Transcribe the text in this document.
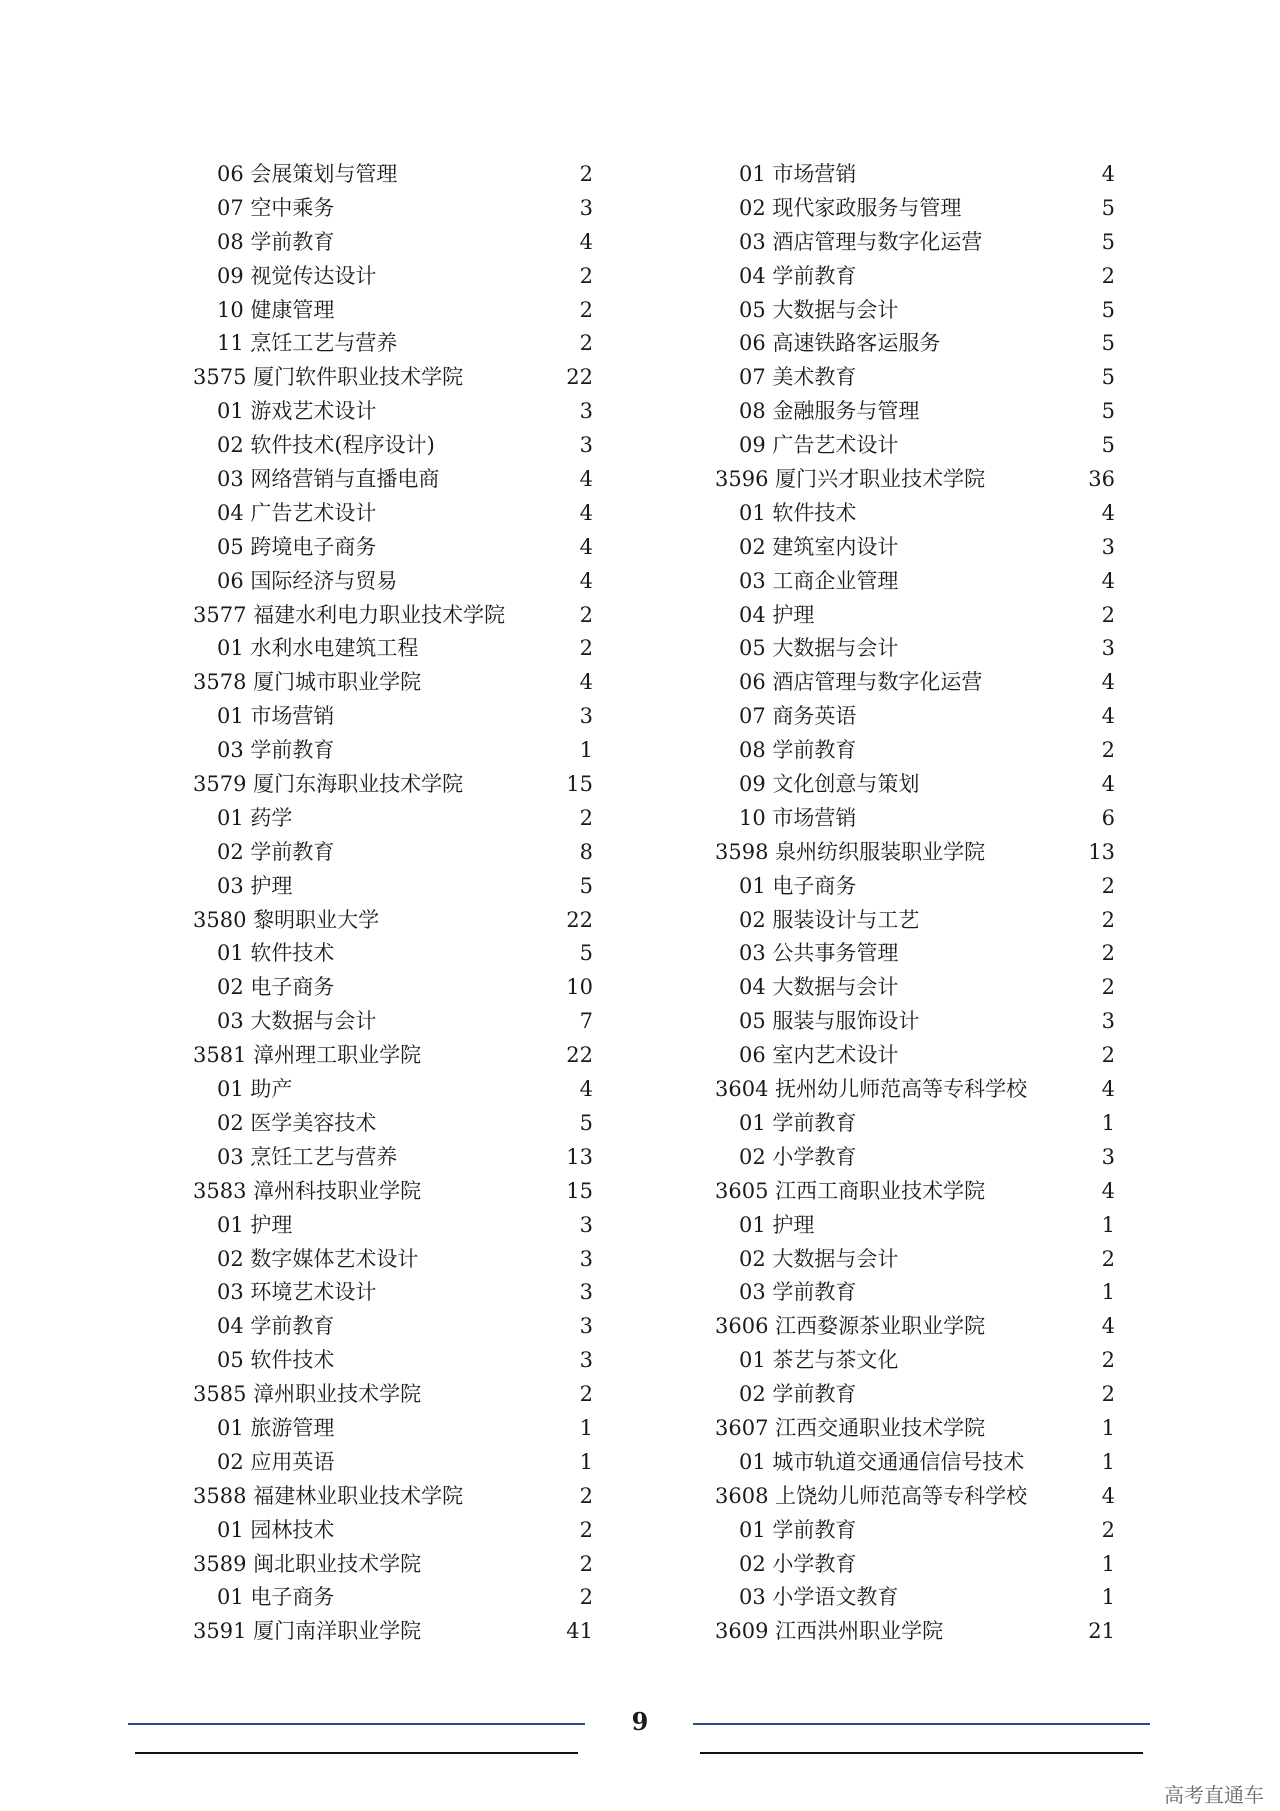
06 会展策划与管理	2
07 空中乘务	3
08 学前教育	4
09 视觉传达设计	2
10 健康管理	2
11 烹饪工艺与营养	2
3575 厦门软件职业技术学院	22
01 游戏艺术设计	3
02 软件技术(程序设计)	3
03 网络营销与直播电商	4
04 广告艺术设计	4
05 跨境电子商务	4
06 国际经济与贸易	4
3577 福建水利电力职业技术学院	2
01 水利水电建筑工程	2
3578 厦门城市职业学院	4
01 市场营销	3
03 学前教育	1
3579 厦门东海职业技术学院	15
01 药学	2
02 学前教育	8
03 护理	5
3580 黎明职业大学	22
01 软件技术	5
02 电子商务	10
03 大数据与会计	7
3581 漳州理工职业学院	22
01 助产	4
02 医学美容技术	5
03 烹饪工艺与营养	13
3583 漳州科技职业学院	15
01 护理	3
02 数字媒体艺术设计	3
03 环境艺术设计	3
04 学前教育	3
05 软件技术	3
3585 漳州职业技术学院	2
01 旅游管理	1
02 应用英语	1
3588 福建林业职业技术学院	2
01 园林技术	2
3589 闽北职业技术学院	2
01 电子商务	2
3591 厦门南洋职业学院	41
01 市场营销	4
02 现代家政服务与管理	5
03 酒店管理与数字化运营	5
04 学前教育	2
05 大数据与会计	5
06 高速铁路客运服务	5
07 美术教育	5
08 金融服务与管理	5
09 广告艺术设计	5
3596 厦门兴才职业技术学院	36
01 软件技术	4
02 建筑室内设计	3
03 工商企业管理	4
04 护理	2
05 大数据与会计	3
06 酒店管理与数字化运营	4
07 商务英语	4
08 学前教育	2
09 文化创意与策划	4
10 市场营销	6
3598 泉州纺织服装职业学院	13
01 电子商务	2
02 服装设计与工艺	2
03 公共事务管理	2
04 大数据与会计	2
05 服装与服饰设计	3
06 室内艺术设计	2
3604 抚州幼儿师范高等专科学校	4
01 学前教育	1
02 小学教育	3
3605 江西工商职业技术学院	4
01 护理	1
02 大数据与会计	2
03 学前教育	1
3606 江西婺源茶业职业学院	4
01 茶艺与茶文化	2
02 学前教育	2
3607 江西交通职业技术学院	1
01 城市轨道交通通信信号技术	1
3608 上饶幼儿师范高等专科学校	4
01 学前教育	2
02 小学教育	1
03 小学语文教育	1
3609 江西洪州职业学院	21
9
高考直通车
